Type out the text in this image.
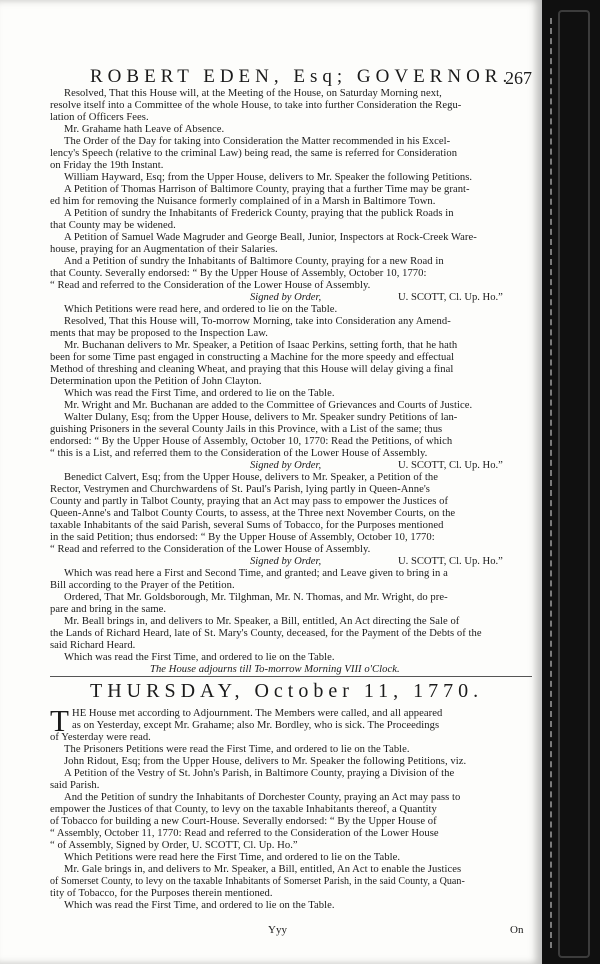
ROBERT EDEN, Esq; GOVERNOR.
267
Resolved, That this House will, at the Meeting of the House, on Saturday Morning next,
resolve itself into a Committee of the whole House, to take into further Consideration the Regu-
lation of Officers Fees.
Mr. Grahame hath Leave of Absence.
The Order of the Day for taking into Consideration the Matter recommended in his Excel-
lency's Speech (relative to the criminal Law) being read, the same is referred for Consideration
on Friday the 19th Instant.
William Hayward, Esq; from the Upper House, delivers to Mr. Speaker the following Petitions.
A Petition of Thomas Harrison of Baltimore County, praying that a further Time may be grant-
ed him for removing the Nuisance formerly complained of in a Marsh in Baltimore Town.
A Petition of sundry the Inhabitants of Frederick County, praying that the publick Roads in
that County may be widened.
A Petition of Samuel Wade Magruder and George Beall, Junior, Inspectors at Rock-Creek Ware-
house, praying for an Augmentation of their Salaries.
And a Petition of sundry the Inhabitants of Baltimore County, praying for a new Road in
that County. Severally endorsed: “ By the Upper House of Assembly, October 10, 1770:
“ Read and referred to the Consideration of the Lower House of Assembly.
Signed by Order,	U. SCOTT, Cl. Up. Ho.”
Which Petitions were read here, and ordered to lie on the Table.
Resolved, That this House will, To-morrow Morning, take into Consideration any Amend-
ments that may be proposed to the Inspection Law.
Mr. Buchanan delivers to Mr. Speaker, a Petition of Isaac Perkins, setting forth, that he hath
been for some Time past engaged in constructing a Machine for the more speedy and effectual
Method of threshing and cleaning Wheat, and praying that this House will delay giving a final
Determination upon the Petition of John Clayton.
Which was read the First Time, and ordered to lie on the Table.
Mr. Wright and Mr. Buchanan are added to the Committee of Grievances and Courts of Justice.
Walter Dulany, Esq; from the Upper House, delivers to Mr. Speaker sundry Petitions of lan-
guishing Prisoners in the several County Jails in this Province, with a List of the same; thus
endorsed: “ By the Upper House of Assembly, October 10, 1770: Read the Petitions, of which
“ this is a List, and referred them to the Consideration of the Lower House of Assembly.
Signed by Order,	U. SCOTT, Cl. Up. Ho.”
Benedict Calvert, Esq; from the Upper House, delivers to Mr. Speaker, a Petition of the
Rector, Vestrymen and Churchwardens of St. Paul's Parish, lying partly in Queen-Anne's
County and partly in Talbot County, praying that an Act may pass to empower the Justices of
Queen-Anne's and Talbot County Courts, to assess, at the Three next November Courts, on the
taxable Inhabitants of the said Parish, several Sums of Tobacco, for the Purposes mentioned
in the said Petition; thus endorsed: “ By the Upper House of Assembly, October 10, 1770:
“ Read and referred to the Consideration of the Lower House of Assembly.
Signed by Order,	U. SCOTT, Cl. Up. Ho.”
Which was read here a First and Second Time, and granted; and Leave given to bring in a
Bill according to the Prayer of the Petition.
Ordered, That Mr. Goldsborough, Mr. Tilghman, Mr. N. Thomas, and Mr. Wright, do pre-
pare and bring in the same.
Mr. Beall brings in, and delivers to Mr. Speaker, a Bill, entitled, An Act directing the Sale of
the Lands of Richard Heard, late of St. Mary's County, deceased, for the Payment of the Debts of the
said Richard Heard.
Which was read the First Time, and ordered to lie on the Table.
The House adjourns till To-morrow Morning VIII o'Clock.
THURSDAY, October 11, 1770.
T HE House met according to Adjournment. The Members were called, and all appeared
as on Yesterday, except Mr. Grahame; also Mr. Bordley, who is sick. The Proceedings
of Yesterday were read.
The Prisoners Petitions were read the First Time, and ordered to lie on the Table.
John Ridout, Esq; from the Upper House, delivers to Mr. Speaker the following Petitions, viz.
A Petition of the Vestry of St. John's Parish, in Baltimore County, praying a Division of the
said Parish.
And the Petition of sundry the Inhabitants of Dorchester County, praying an Act may pass to
empower the Justices of that County, to levy on the taxable Inhabitants thereof, a Quantity
of Tobacco for building a new Court-House. Severally endorsed: “ By the Upper House of
“ Assembly, October 11, 1770: Read and referred to the Consideration of the Lower House
“ of Assembly, Signed by Order, U. SCOTT, Cl. Up. Ho.”
Which Petitions were read here the First Time, and ordered to lie on the Table.
Mr. Gale brings in, and delivers to Mr. Speaker, a Bill, entitled, An Act to enable the Justices
of Somerset County, to levy on the taxable Inhabitants of Somerset Parish, in the said County, a Quan-
tity of Tobacco, for the Purposes therein mentioned.
Which was read the First Time, and ordered to lie on the Table.
Yyy	On
